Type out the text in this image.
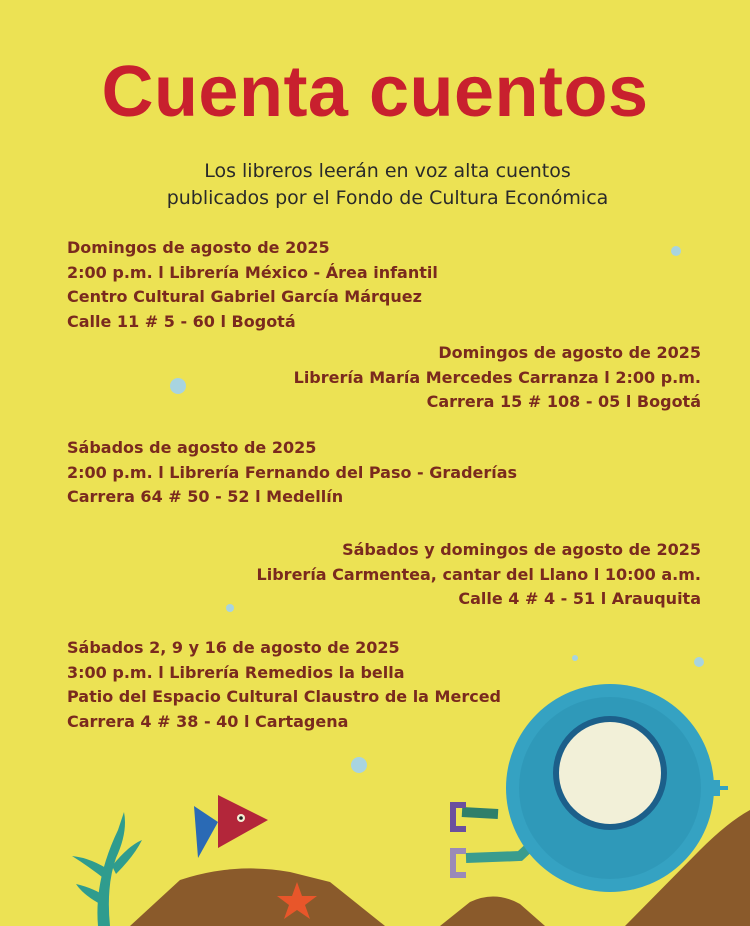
Cuenta cuentos

Los libreros leerán en voz alta cuentos
publicados por el Fondo de Cultura Económica

Domingos de agosto de 2025
2:00 p.m. l Librería México - Área infantil
Centro Cultural Gabriel García Márquez
Calle 11 # 5 - 60 l Bogotá
Domingos de agosto de 2025
Librería María Mercedes Carranza l 2:00 p.m.
Carrera 15 # 108 - 05 l Bogotá
Sábados de agosto de 2025
2:00 p.m. l Librería Fernando del Paso - Graderías
Carrera 64 # 50 - 52 l Medellín
Sábados y domingos de agosto de 2025
Librería Carmentea, cantar del Llano l 10:00 a.m.
Calle 4 # 4 - 51 l Arauquita
Sábados 2, 9 y 16 de agosto de 2025
3:00 p.m. l Librería Remedios la bella
Patio del Espacio Cultural Claustro de la Merced
Carrera 4 # 38 - 40 l Cartagena
